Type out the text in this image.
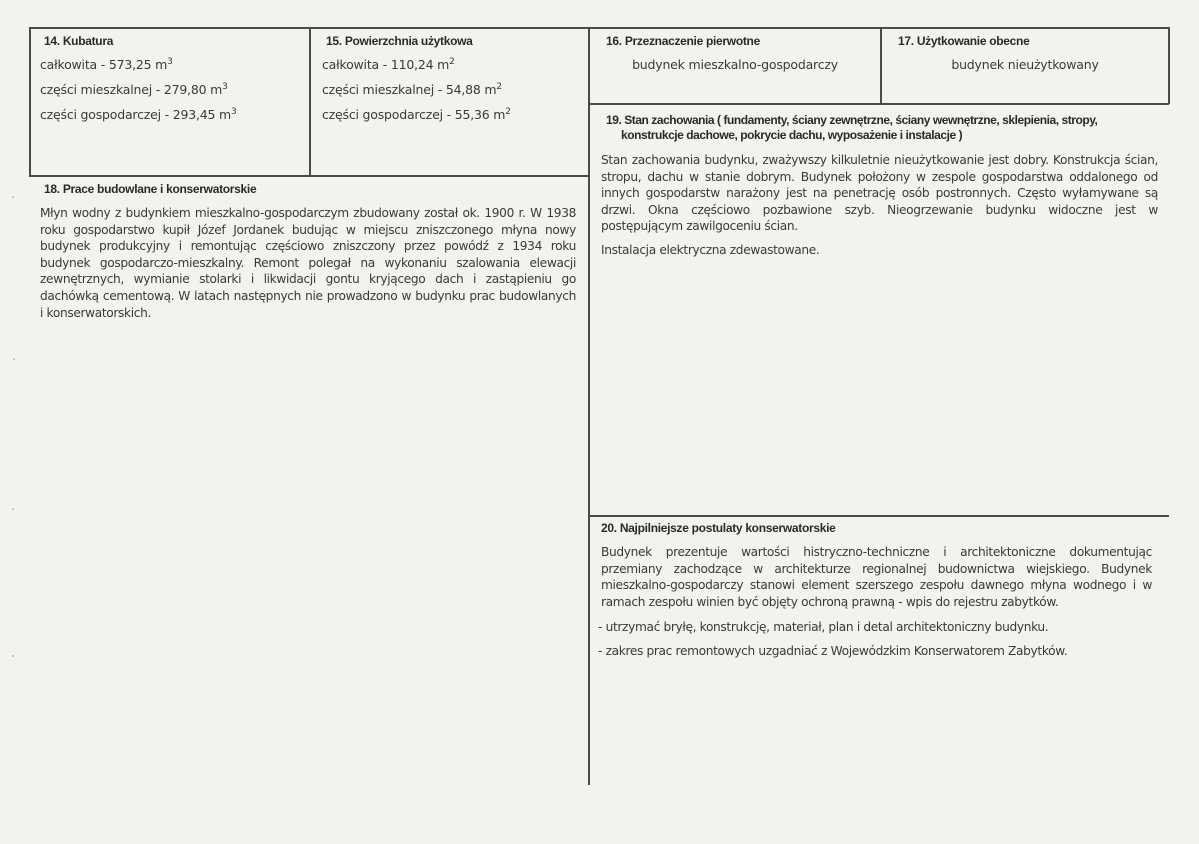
14. Kubatura
całkowita - 573,25 $m^3$
części mieszkalnej - 279,80 $m^3$
części gospodarczej - 293,45 $m^3$
15. Powierzchnia użytkowa
całkowita - 110,24 $m^2$
części mieszkalnej - 54,88 $m^2$
części gospodarczej - 55,36 $m^2$
16. Przeznaczenie pierwotne
budynek mieszkalno-gospodarczy
17. Użytkowanie obecne
budynek nieużytkowany
19. Stan zachowania ( fundamenty, ściany zewnętrzne, ściany wewnętrzne, sklepienia, stropy,
konstrukcje dachowe, pokrycie dachu, wyposażenie i instalacje )

Stan zachowania budynku, zważywszy kilkuletnie nieużytkowanie jest dobry. Konstrukcja ścian, stropu, dachu w stanie dobrym. Budynek położony w zespole gospodarstwa oddalonego od innych gospodarstw narażony jest na penetrację osób postronnych. Często wyłamywane są drzwi. Okna częściowo pozbawione szyb. Nieogrzewanie budynku widoczne jest w postępującym zawilgoceniu ścian.

Instalacja elektryczna zdewastowane.

18. Prace budowlane i konserwatorskie

Młyn wodny z budynkiem mieszkalno-gospodarczym zbudowany został ok. 1900 r. W 1938 roku gospodarstwo kupił Józef Jordanek budując w miejscu zniszczonego młyna nowy budynek produkcyjny i remontując częściowo zniszczony przez powódź z 1934 roku budynek gospodarczo-mieszkalny. Remont polegał na wykonaniu szalowania elewacji zewnętrznych, wymianie stolarki i likwidacji gontu kryjącego dach i zastąpieniu go dachówką cementową. W latach następnych nie prowadzono w budynku prac budowlanych i konserwatorskich.

20. Najpilniejsze postulaty konserwatorskie

Budynek prezentuje wartości histryczno-techniczne i architektoniczne dokumentując przemiany zachodzące w architekturze regionalnej budownictwa wiejskiego. Budynek mieszkalno-gospodarczy stanowi element szerszego zespołu dawnego młyna wodnego i w ramach zespołu winien być objęty ochroną prawną - wpis do rejestru zabytków.

- utrzymać bryłę, konstrukcję, materiał, plan i detal architektoniczny budynku.

- zakres prac remontowych uzgadniać z Wojewódzkim Konserwatorem Zabytków.
